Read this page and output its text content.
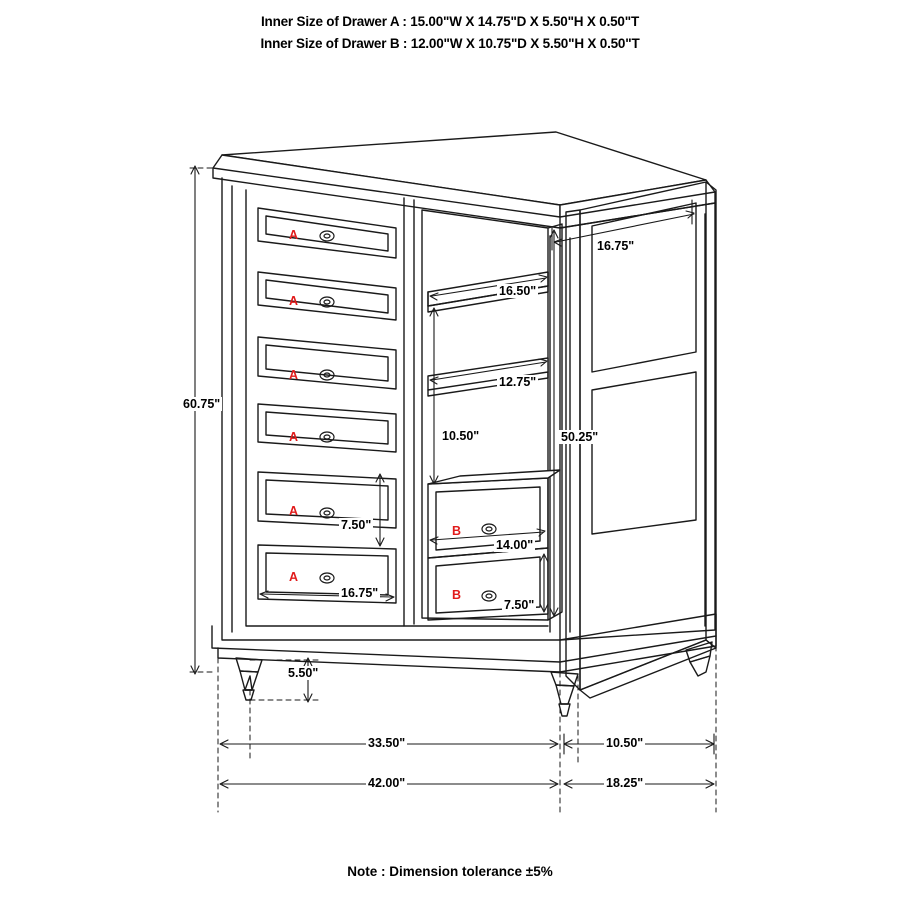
Inner Size of Drawer A : 15.00"W X 14.75"D X 5.50"H X 0.50"T
Inner Size of Drawer B : 12.00"W X 10.75"D X 5.50"H X 0.50"T
A
A
A
A
A
A
B
B
60.75"
16.75"
16.50"
12.75"
10.50"	50.25"
7.50"
14.00"
16.75"
7.50"
5.50"
33.50"	10.50"
42.00"	18.25"
Note : Dimension tolerance ±5%
